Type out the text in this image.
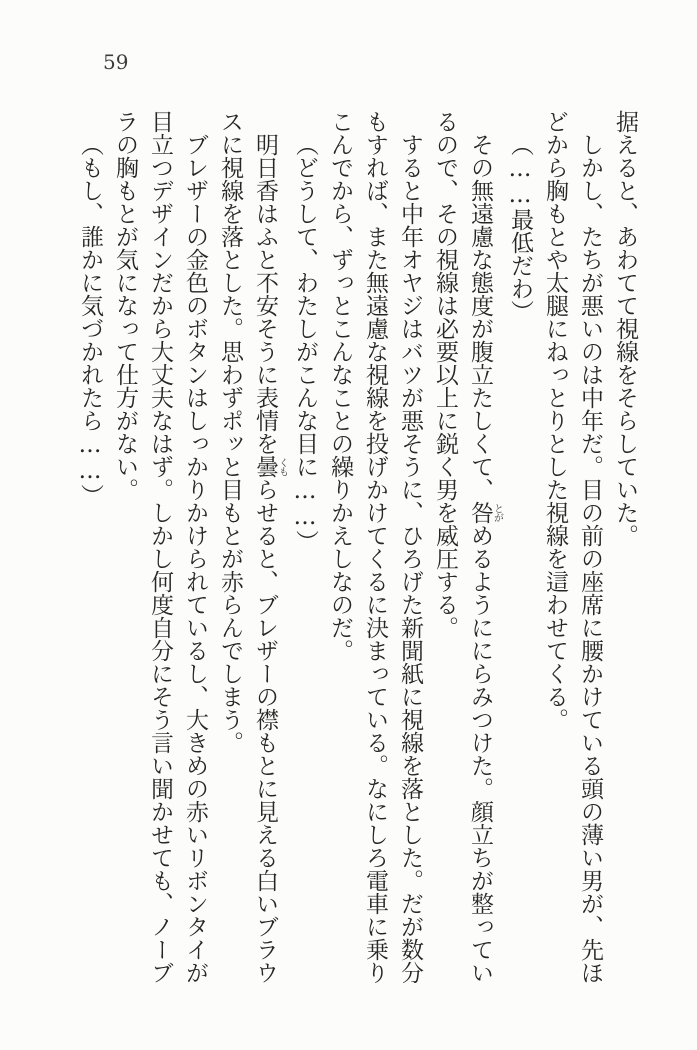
59

据えると、あわてて視線をそらしていた。

しかし、たちが悪いのは中年だ。目の前の座席に腰かけている頭の薄い男が、先ほどから胸もとや太腿にねっとりとした視線を這わせてくる。

（……最低だわ）

その無遠慮な態度が腹立たしくて、咎とがめるようににらみつけた。顔立ちが整っているので、その視線は必要以上に鋭く男を威圧する。

すると中年オヤジはバツが悪そうに、ひろげた新聞紙に視線を落とした。だが数分もすれば、また無遠慮な視線を投げかけてくるに決まっている。なにしろ電車に乗りこんでから、ずっとこんなことの繰りかえしなのだ。

（どうして、わたしがこんな目に……）

明日香はふと不安そうに表情を曇くもらせると、ブレザーの襟もとに見える白いブラウスに視線を落とした。思わずポッと目もとが赤らんでしまう。

ブレザーの金色のボタンはしっかりかけられているし、大きめの赤いリボンタイが目立つデザインだから大丈夫なはず。しかし何度自分にそう言い聞かせても、ノーブラの胸もとが気になって仕方がない。

（もし、誰かに気づかれたら……）
